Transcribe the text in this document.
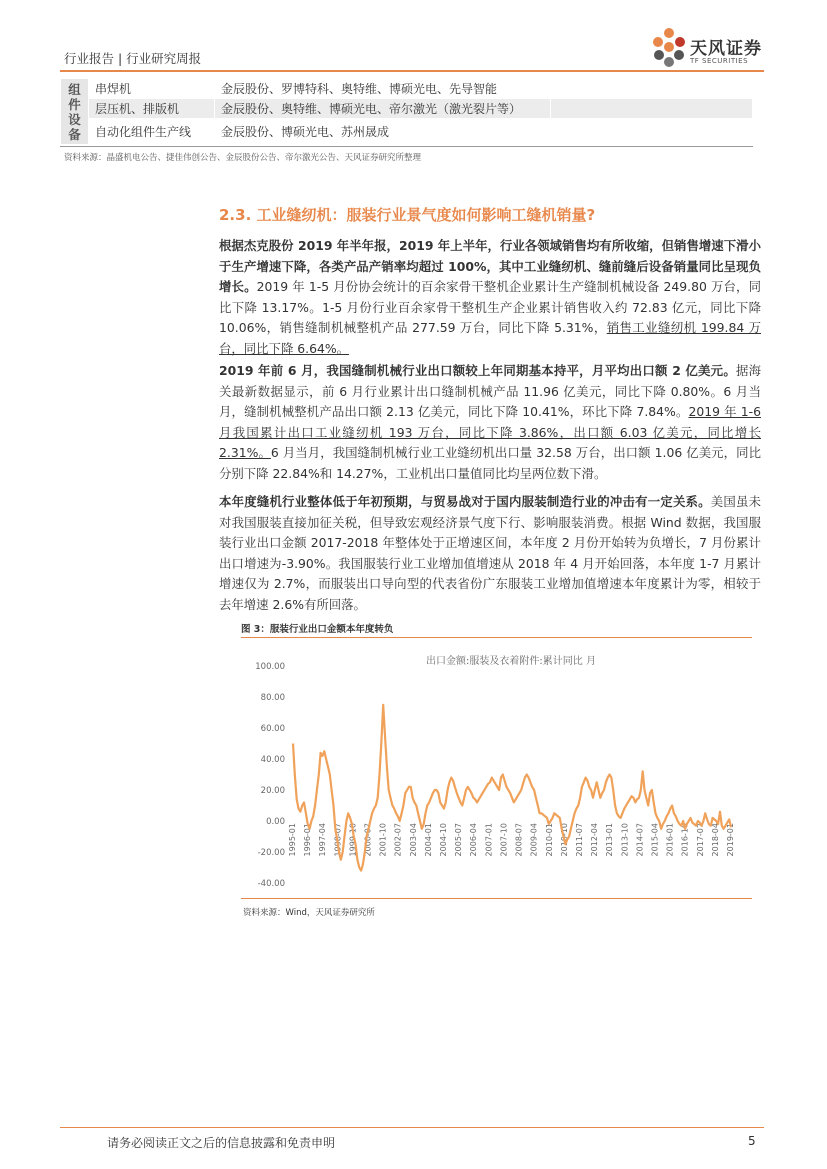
行业报告 | 行业研究周报	天风证券
TF SECURITIES
组
件
设
备	串焊机	金辰股份、罗博特科、奥特维、博硕光电、先导智能	
	层压机、排版机	金辰股份、奥特维、博硕光电、帝尔激光（激光裂片等）	
	自动化组件生产线	金辰股份、博硕光电、苏州晟成	
资料来源：晶盛机电公告、捷佳伟创公告、金辰股份公告、帝尔激光公告、天风证券研究所整理
2.3. 工业缝纫机：服装行业景气度如何影响工缝机销量?
根据杰克股份 2019 年半年报，2019 年上半年，行业各领域销售均有所收缩，但销售增速下滑小于生产增速下降，各类产品产销率均超过 100%，其中工业缝纫机、缝前缝后设备销量同比呈现负增长。2019 年 1-5 月份协会统计的百余家骨干整机企业累计生产缝制机械设备 249.80 万台，同比下降 13.17%。1-5 月份行业百余家骨干整机生产企业累计销售收入约 72.83 亿元，同比下降 10.06%，销售缝制机械整机产品 277.59 万台，同比下降 5.31%，销售工业缝纫机 199.84 万台，同比下降 6.64%。
2019 年前 6 月，我国缝制机械行业出口额较上年同期基本持平，月平均出口额 2 亿美元。据海关最新数据显示，前 6 月行业累计出口缝制机械产品 11.96 亿美元，同比下降 0.80%。6 月当月，缝制机械整机产品出口额 2.13 亿美元，同比下降 10.41%，环比下降 7.84%。2019 年 1-6 月我国累计出口工业缝纫机 193 万台，同比下降 3.86%，出口额 6.03 亿美元，同比增长 2.31%。6 月当月，我国缝制机械行业工业缝纫机出口量 32.58 万台，出口额 1.06 亿美元，同比分别下降 22.84%和 14.27%，工业机出口量值同比均呈两位数下滑。
本年度缝机行业整体低于年初预期，与贸易战对于国内服装制造行业的冲击有一定关系。美国虽未对我国服装直接加征关税，但导致宏观经济景气度下行、影响服装消费。根据 Wind 数据，我国服装行业出口金额 2017-2018 年整体处于正增速区间，本年度 2 月份开始转为负增长，7 月份累计出口增速为-3.90%。我国服装行业工业增加值增速从 2018 年 4 月开始回落，本年度 1-7 月累计增速仅为 2.7%，而服装出口导向型的代表省份广东服装工业增加值增速本年度累计为零，相较于去年增速 2.6%有所回落。
图 3：服装行业出口金额本年度转负
出口金额:服装及衣着附件:累计同比 月
100.00
80.00
60.00
40.00
20.00
0.00
-20.00
-40.00
1995-01 1996-01 1997-04 1998-07 1999-10 2000-07 2001-10 2002-07 2003-04 2004-01 2004-10 2005-07 2006-04 2007-01 2007-10 2008-07 2009-04 2010-01 2010-10 2011-07 2012-04 2013-01 2013-10 2014-07 2015-04 2016-01 2016-10 2017-07 2018-04 2019-01
资料来源：Wind，天风证券研究所
请务必阅读正文之后的信息披露和免责申明	5
